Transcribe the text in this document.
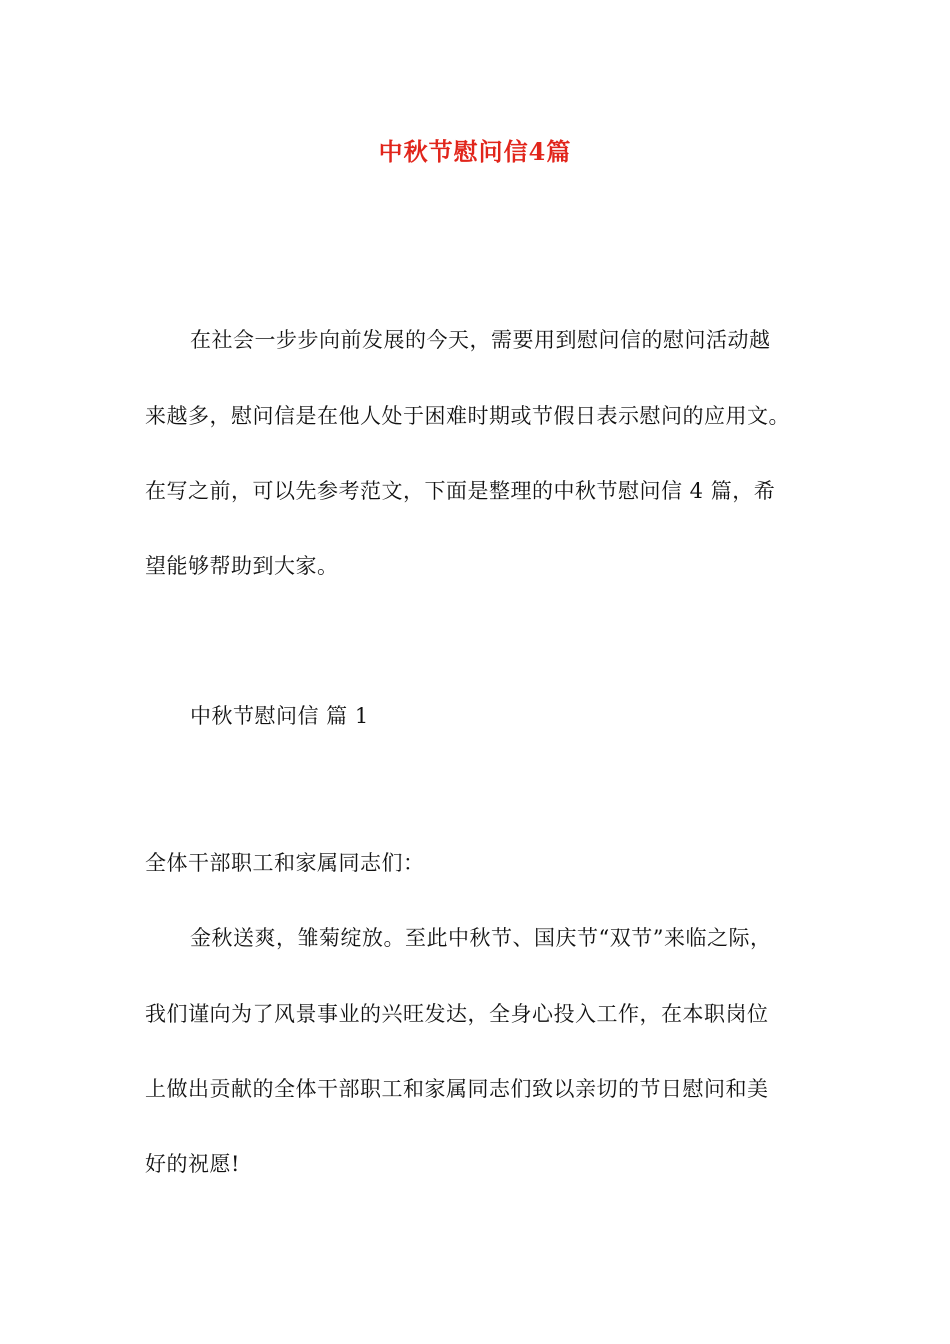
中秋节慰问信4篇
在社会一步步向前发展的今天，需要用到慰问信的慰问活动越
来越多，慰问信是在他人处于困难时期或节假日表示慰问的应用文。
在写之前，可以先参考范文，下面是整理的中秋节慰问信 4 篇，希
望能够帮助到大家。
中秋节慰问信 篇 1
全体干部职工和家属同志们：
金秋送爽，雏菊绽放。至此中秋节、国庆节“双节”来临之际，
我们谨向为了风景事业的兴旺发达，全身心投入工作，在本职岗位
上做出贡献的全体干部职工和家属同志们致以亲切的节日慰问和美
好的祝愿!
